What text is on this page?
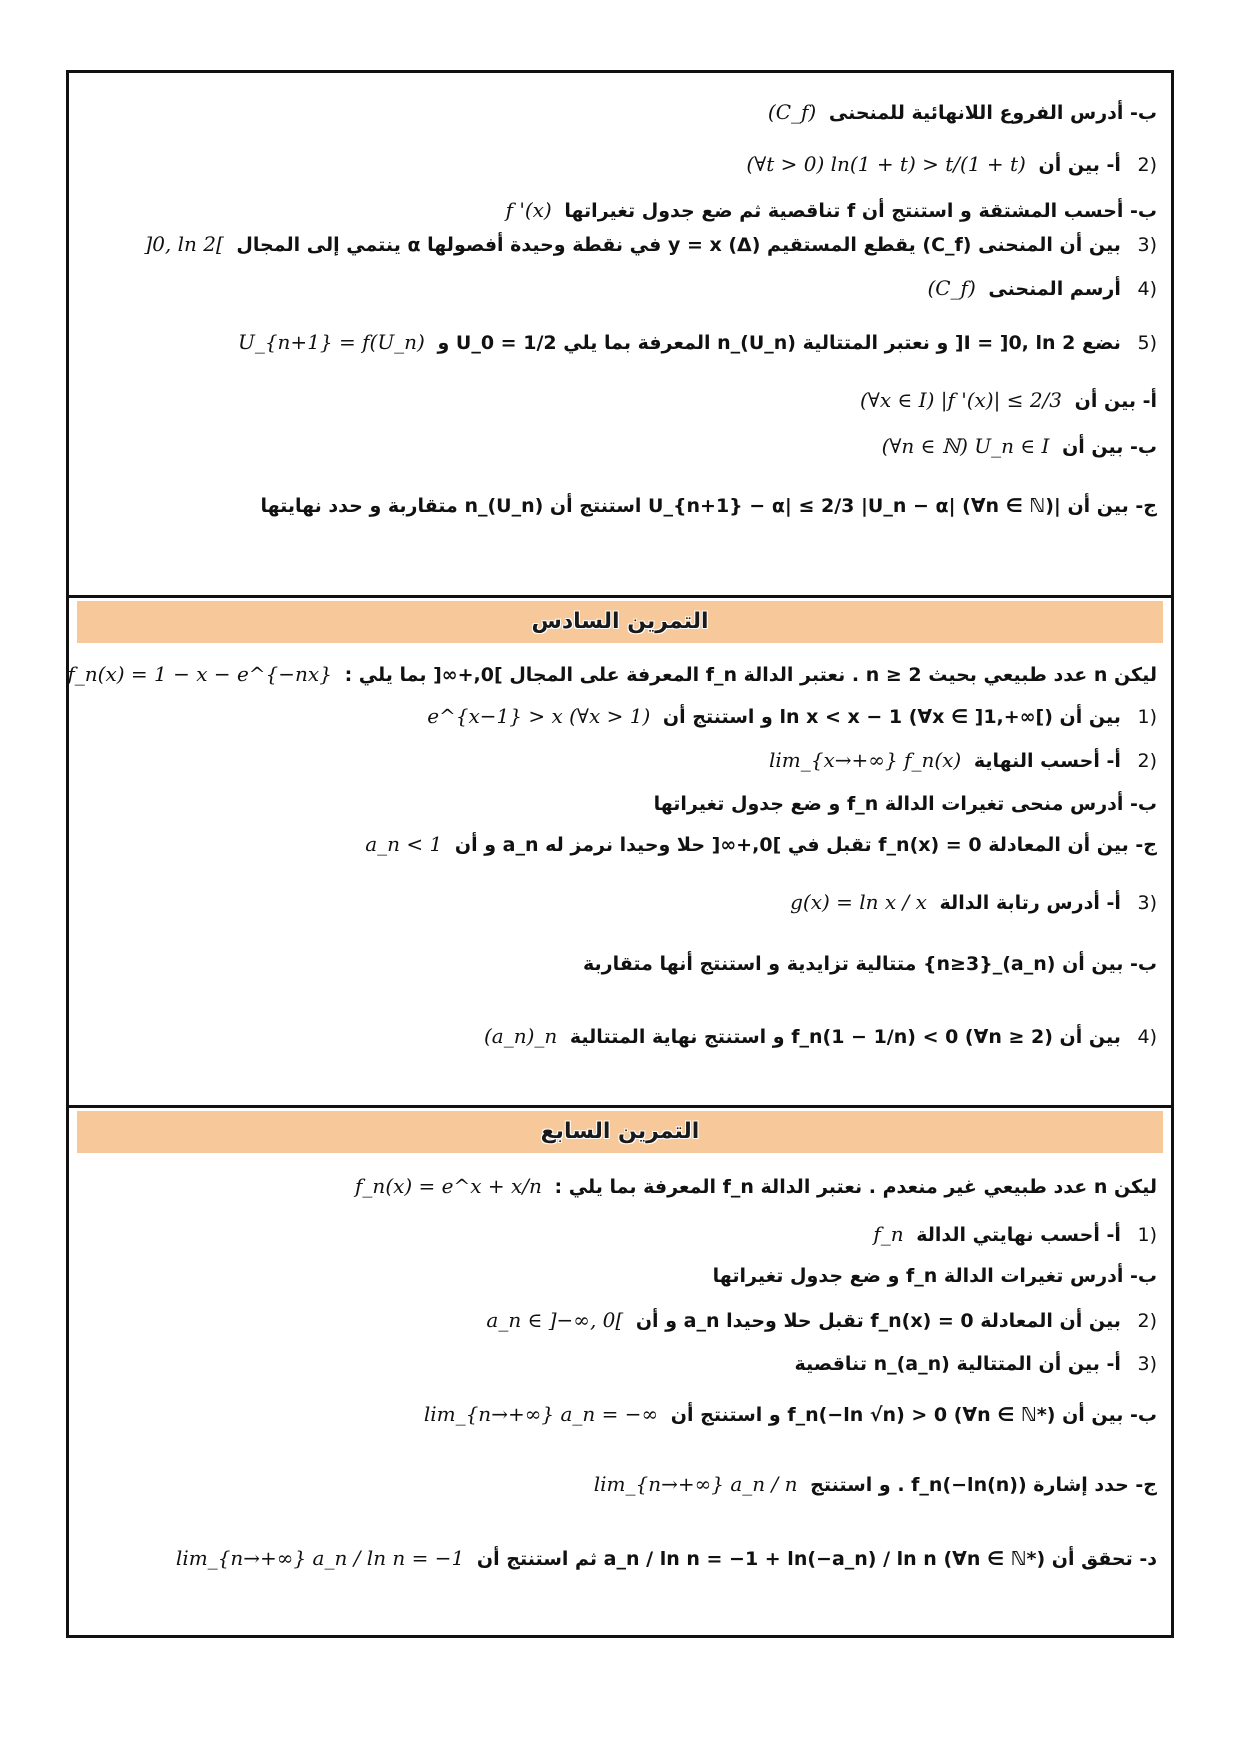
ب- أدرس الفروع اللانهائية للمنحنى (C_f)
2) أ- بين أن (∀t > 0) ln(1 + t) > t/(1 + t)
ب- أحسب المشتقة و استنتج أن f تناقصية ثم ضع جدول تغيراتها f '(x)
3) بين أن المنحنى (C_f) يقطع المستقيم y = x (Δ) في نقطة وحيدة أفصولها α ينتمي إلى المجال ]0, ln 2[
4) أرسم المنحنى (C_f)
5) نضع I = ]0, ln 2[ و نعتبر المتتالية (U_n)_n المعرفة بما يلي U_0 = 1/2 و U_{n+1} = f(U_n)
أ- بين أن (∀x ∈ I) |f '(x)| ≤ 2/3
ب- بين أن (∀n ∈ ℕ) U_n ∈ I
ج- بين أن |U_{n+1} − α| ≤ 2/3 |U_n − α| (∀n ∈ ℕ) استنتج أن (U_n)_n متقاربة و حدد نهايتها
التمرين السادس
ليكن n عدد طبيعي بحيث n ≥ 2 . نعتبر الدالة f_n المعرفة على المجال ]0,+∞[ بما يلي : f_n(x) = 1 − x − e^{−nx}
1) بين أن ln x < x − 1 (∀x ∈ ]1,+∞[) و استنتج أن e^{x−1} > x (∀x > 1)
2) أ- أحسب النهاية lim_{x→+∞} f_n(x)
ب- أدرس منحى تغيرات الدالة f_n و ضع جدول تغيراتها
ج- بين أن المعادلة f_n(x) = 0 تقبل في ]0,+∞[ حلا وحيدا نرمز له a_n و أن a_n < 1
3) أ- أدرس رتابة الدالة g(x) = ln x / x
ب- بين أن (a_n)_{n≥3} متتالية تزايدية و استنتج أنها متقاربة
4) بين أن f_n(1 − 1/n) < 0 (∀n ≥ 2) و استنتج نهاية المتتالية (a_n)_n
التمرين السابع
ليكن n عدد طبيعي غير منعدم . نعتبر الدالة f_n المعرفة بما يلي : f_n(x) = e^x + x/n
1) أ- أحسب نهايتي الدالة f_n
ب- أدرس تغيرات الدالة f_n و ضع جدول تغيراتها
2) بين أن المعادلة f_n(x) = 0 تقبل حلا وحيدا a_n و أن a_n ∈ ]−∞, 0[
3) أ- بين أن المتتالية (a_n)_n تناقصية
ب- بين أن f_n(−ln √n) > 0 (∀n ∈ ℕ*) و استنتج أن lim_{n→+∞} a_n = −∞
ج- حدد إشارة f_n(−ln(n)) . و استنتج lim_{n→+∞} a_n / n
د- تحقق أن a_n / ln n = −1 + ln(−a_n) / ln n (∀n ∈ ℕ*) ثم استنتج أن lim_{n→+∞} a_n / ln n = −1
